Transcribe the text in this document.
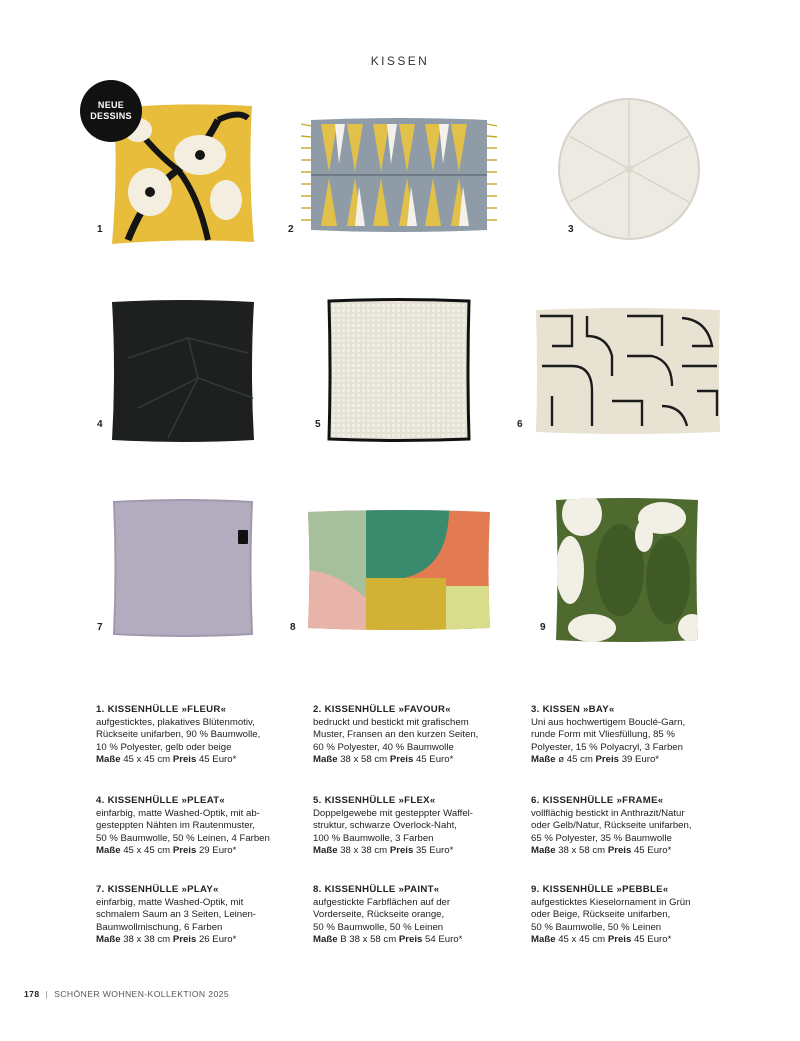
KISSEN
NEUE
DESSINS
1	2	3
4	5	6
7	8	9
1. KISSENHÜLLE »FLEUR«
aufgesticktes, plakatives Blütenmotiv,
Rückseite unifarben, 90 % Baumwolle,
10 % Polyester, gelb oder beige
Maße 45 x 45 cm Preis 45 Euro*
2. KISSENHÜLLE »FAVOUR«
bedruckt und bestickt mit grafischem
Muster, Fransen an den kurzen Seiten,
60 % Polyester, 40 % Baumwolle
Maße 38 x 58 cm Preis 45 Euro*
3. KISSEN »BAY«
Uni aus hochwertigem Bouclé-Garn,
runde Form mit Vliesfüllung, 85 %
Polyester, 15 % Polyacryl, 3 Farben
Maße ø 45 cm Preis 39 Euro*
4. KISSENHÜLLE »PLEAT«
einfarbig, matte Washed-Optik, mit ab-
gesteppten Nähten im Rautenmuster,
50 % Baumwolle, 50 % Leinen, 4 Farben
Maße 45 x 45 cm Preis 29 Euro*
5. KISSENHÜLLE »FLEX«
Doppelgewebe mit gesteppter Waffel-
struktur, schwarze Overlock-Naht,
100 % Baumwolle, 3 Farben
Maße 38 x 38 cm Preis 35 Euro*
6. KISSENHÜLLE »FRAME«
vollflächig bestickt in Anthrazit/Natur
oder Gelb/Natur, Rückseite unifarben,
65 % Polyester, 35 % Baumwolle
Maße 38 x 58 cm Preis 45 Euro*
7. KISSENHÜLLE »PLAY«
einfarbig, matte Washed-Optik, mit
schmalem Saum an 3 Seiten, Leinen-
Baumwollmischung, 6 Farben
Maße 38 x 38 cm Preis 26 Euro*
8. KISSENHÜLLE »PAINT«
aufgestickte Farbflächen auf der
Vorderseite, Rückseite orange,
50 % Baumwolle, 50 % Leinen
Maße B 38 x 58 cm Preis 54 Euro*
9. KISSENHÜLLE »PEBBLE«
aufgesticktes Kieselornament in Grün
oder Beige, Rückseite unifarben,
50 % Baumwolle, 50 % Leinen
Maße 45 x 45 cm Preis 45 Euro*
178 | SCHÖNER WOHNEN-KOLLEKTION 2025
